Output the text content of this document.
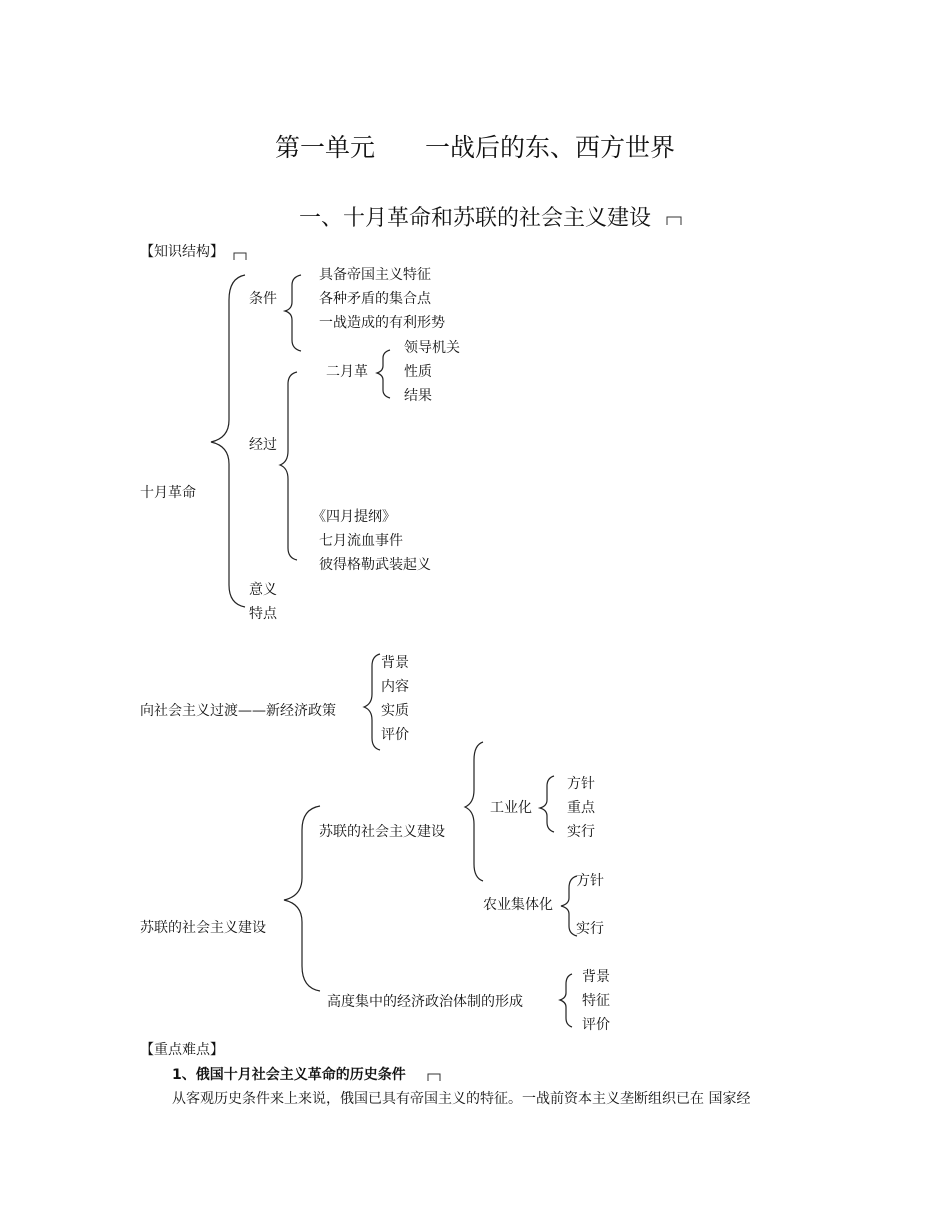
第一单元　　一战后的东、西方世界
一、十月革命和苏联的社会主义建设
【知识结构】
十月革命
条件
具备帝国主义特征
各种矛盾的集合点
一战造成的有利形势
二月革
领导机关
性质
结果
经过
《四月提纲》
七月流血事件
彼得格勒武装起义
意义
特点
向社会主义过渡——新经济政策
背景
内容
实质
评价
苏联的社会主义建设
苏联的社会主义建设
工业化
方针
重点
实行
农业集体化
方针
实行
高度集中的经济政治体制的形成
背景
特征
评价
【重点难点】
1、俄国十月社会主义革命的历史条件
从客观历史条件来上来说，俄国已具有帝国主义的特征。一战前资本主义垄断组织已在 国家经
